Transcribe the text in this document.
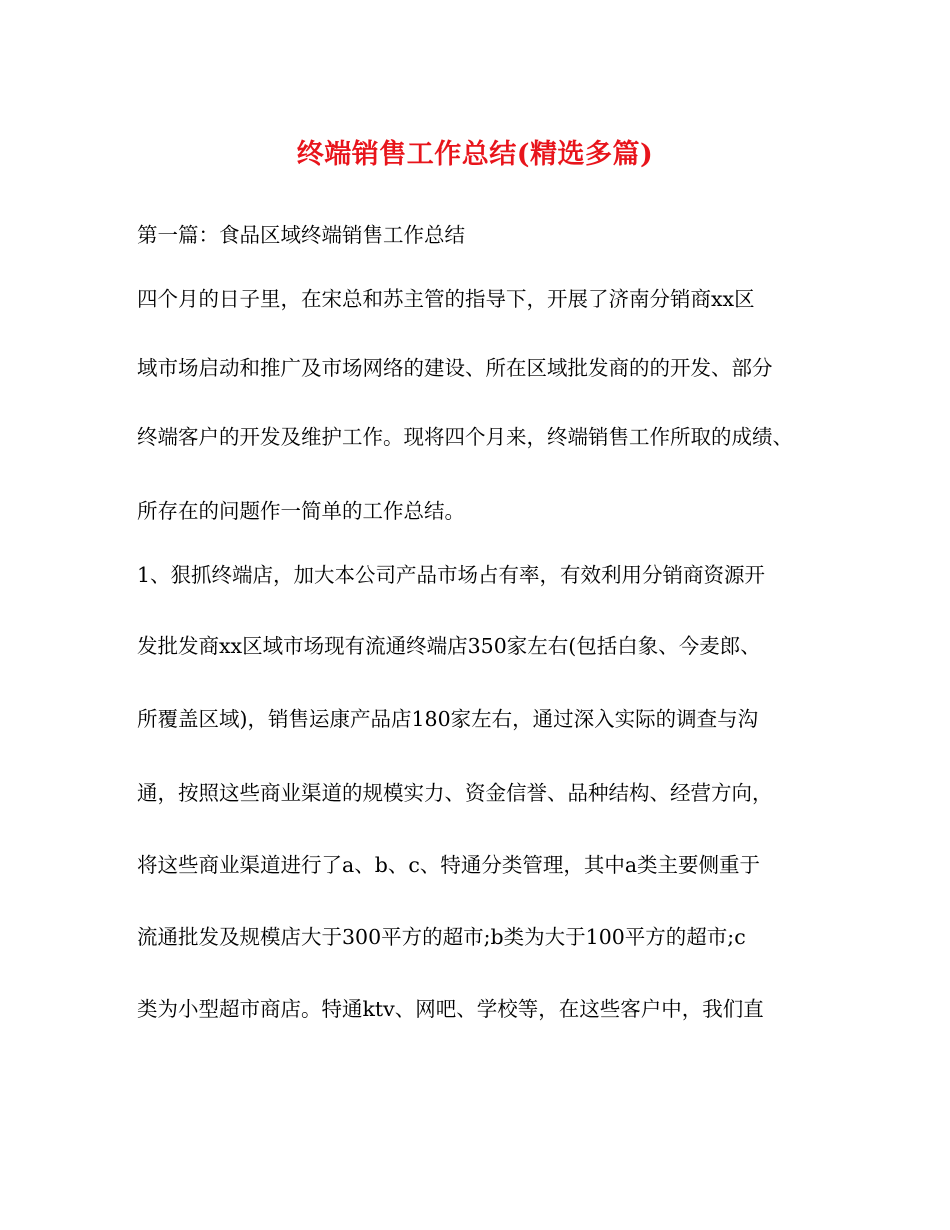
终端销售工作总结(精选多篇)
第一篇：食品区域终端销售工作总结
四个月的日子里，在宋总和苏主管的指导下，开展了济南分销商xx区
域市场启动和推广及市场网络的建设、所在区域批发商的的开发、部分
终端客户的开发及维护工作。现将四个月来，终端销售工作所取的成绩、
所存在的问题作一简单的工作总结。
1、狠抓终端店，加大本公司产品市场占有率，有效利用分销商资源开
发批发商xx区域市场现有流通终端店350家左右(包括白象、今麦郎、
所覆盖区域)，销售运康产品店180家左右，通过深入实际的调查与沟
通，按照这些商业渠道的规模实力、资金信誉、品种结构、经营方向，
将这些商业渠道进行了a、b、c、特通分类管理，其中a类主要侧重于
流通批发及规模店大于300平方的超市;b类为大于100平方的超市;c
类为小型超市商店。特通ktv、网吧、学校等，在这些客户中，我们直
